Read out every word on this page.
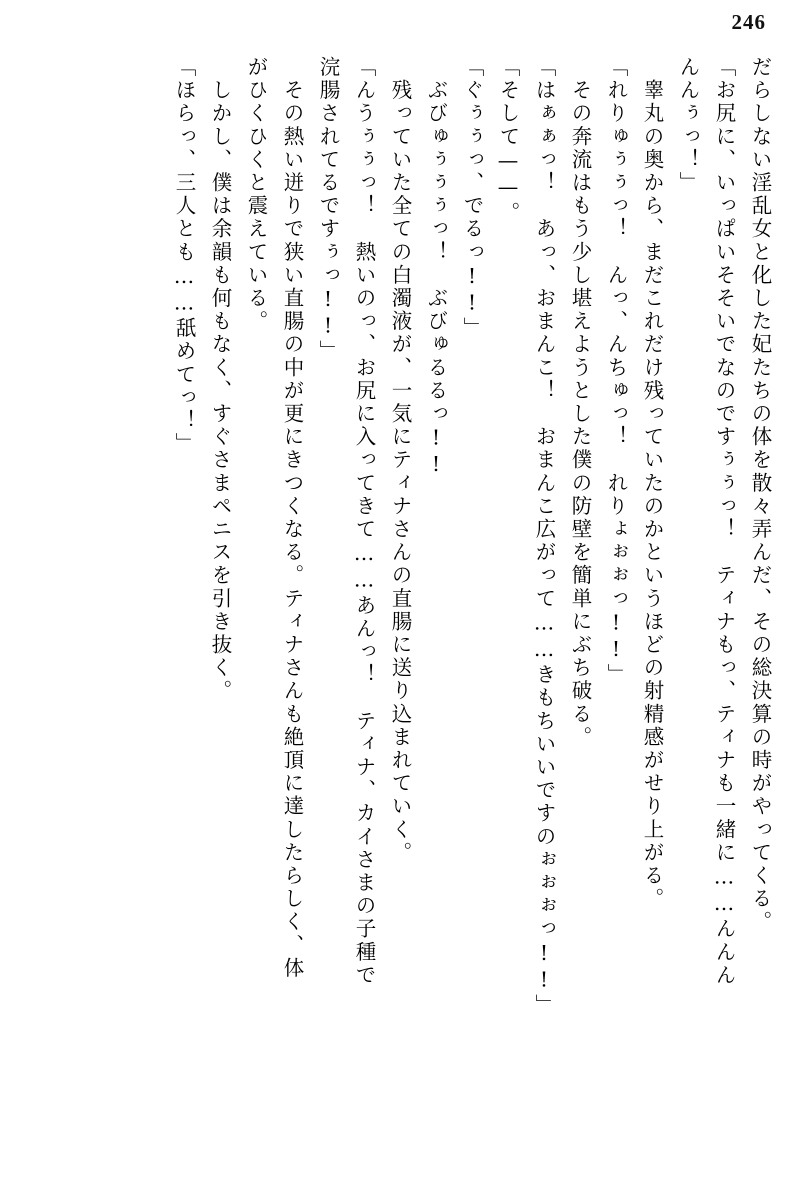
246
だらしない淫乱女と化した妃たちの体を散々弄んだ、その総決算の時がやってくる。
「お尻に、いっぱいそそいでなのですぅぅっ！　ティナもっ、ティナも一緒に……んんん
んんぅっ！」
　睾丸の奥から、まだこれだけ残っていたのかというほどの射精感がせり上がる。
「れりゅぅぅっ！　んっ、んちゅっ！　れりょぉぉっ!!」
　その奔流はもう少し堪えようとした僕の防壁を簡単にぶち破る。
「はぁぁっ！　あっ、おまんこ！　おまんこ広がって……きもちいいですのぉぉぉっ!!」
「そして——。
「ぐぅぅっ、でるっ!!」
　ぶびゅぅぅぅっ！　ぶびゅるるっ!!
　残っていた全ての白濁液が、一気にティナさんの直腸に送り込まれていく。
「んうぅぅっ！　熱いのっ、お尻に入ってきて……あんっ！　ティナ、カイさまの子種で
浣腸されてるですぅっ!!」
　その熱い迸りで狭い直腸の中が更にきつくなる。ティナさんも絶頂に達したらしく、体
がひくひくと震えている。
　しかし、僕は余韻も何もなく、すぐさまペニスを引き抜く。
「ほらっ、三人とも……舐めてっ！」
